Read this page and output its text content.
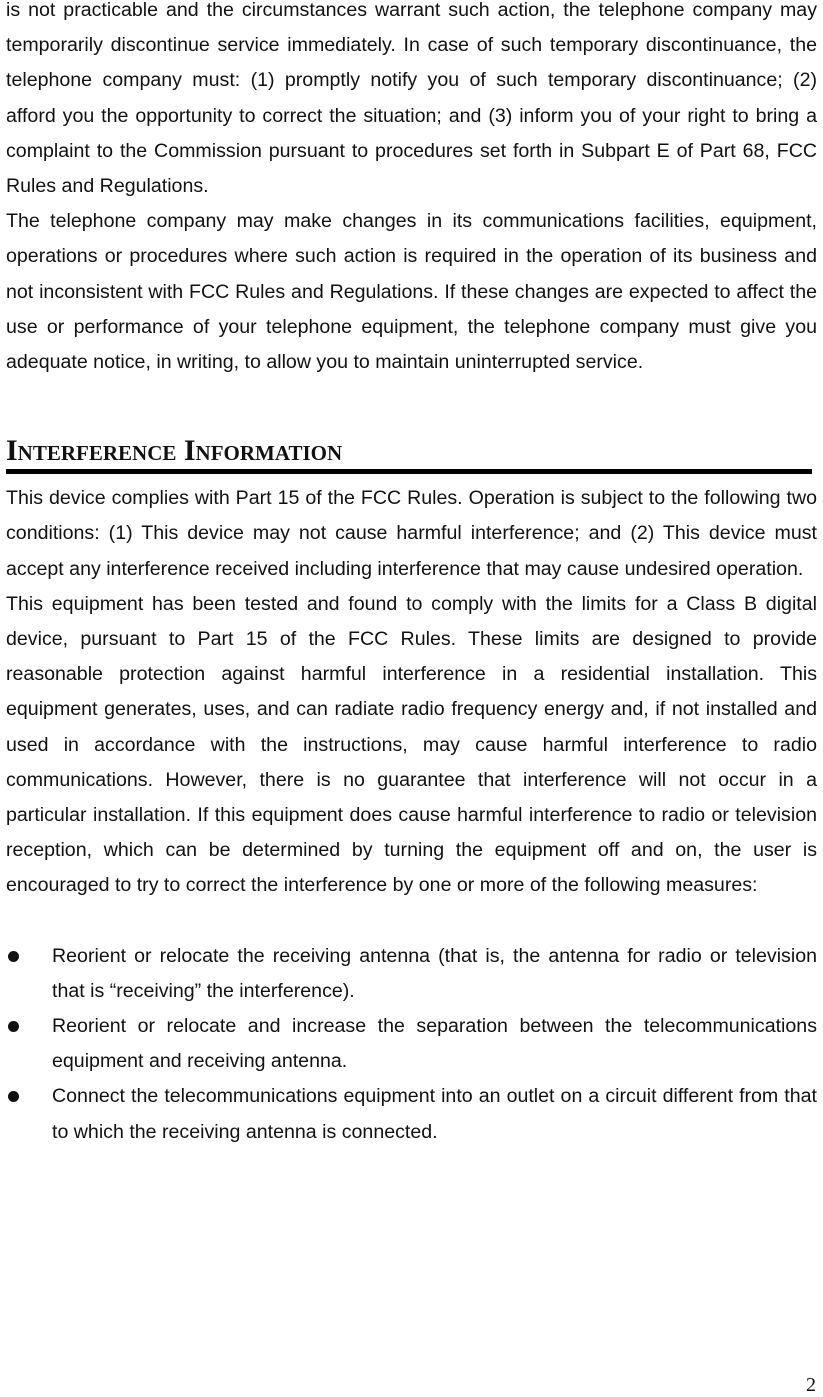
is not practicable and the circumstances warrant such action, the telephone company may temporarily discontinue service immediately. In case of such temporary discontinuance, the telephone company must: (1) promptly notify you of such temporary discontinuance; (2) afford you the opportunity to correct the situation; and (3) inform you of your right to bring a complaint to the Commission pursuant to procedures set forth in Subpart E of Part 68, FCC Rules and Regulations.

The telephone company may make changes in its communications facilities, equipment, operations or procedures where such action is required in the operation of its business and not inconsistent with FCC Rules and Regulations. If these changes are expected to affect the use or performance of your telephone equipment, the telephone company must give you adequate notice, in writing, to allow you to maintain uninterrupted service.

Interference Information

This device complies with Part 15 of the FCC Rules. Operation is subject to the following two conditions: (1) This device may not cause harmful interference; and (2) This device must accept any interference received including interference that may cause undesired operation.

This equipment has been tested and found to comply with the limits for a Class B digital device, pursuant to Part 15 of the FCC Rules. These limits are designed to provide reasonable protection against harmful interference in a residential installation. This equipment generates, uses, and can radiate radio frequency energy and, if not installed and used in accordance with the instructions, may cause harmful interference to radio communications. However, there is no guarantee that interference will not occur in a particular installation. If this equipment does cause harmful interference to radio or television reception, which can be determined by turning the equipment off and on, the user is encouraged to try to correct the interference by one or more of the following measures:

Reorient or relocate the receiving antenna (that is, the antenna for radio or television that is “receiving” the interference).
Reorient or relocate and increase the separation between the telecommunications equipment and receiving antenna.
Connect the telecommunications equipment into an outlet on a circuit different from that to which the receiving antenna is connected.
2
